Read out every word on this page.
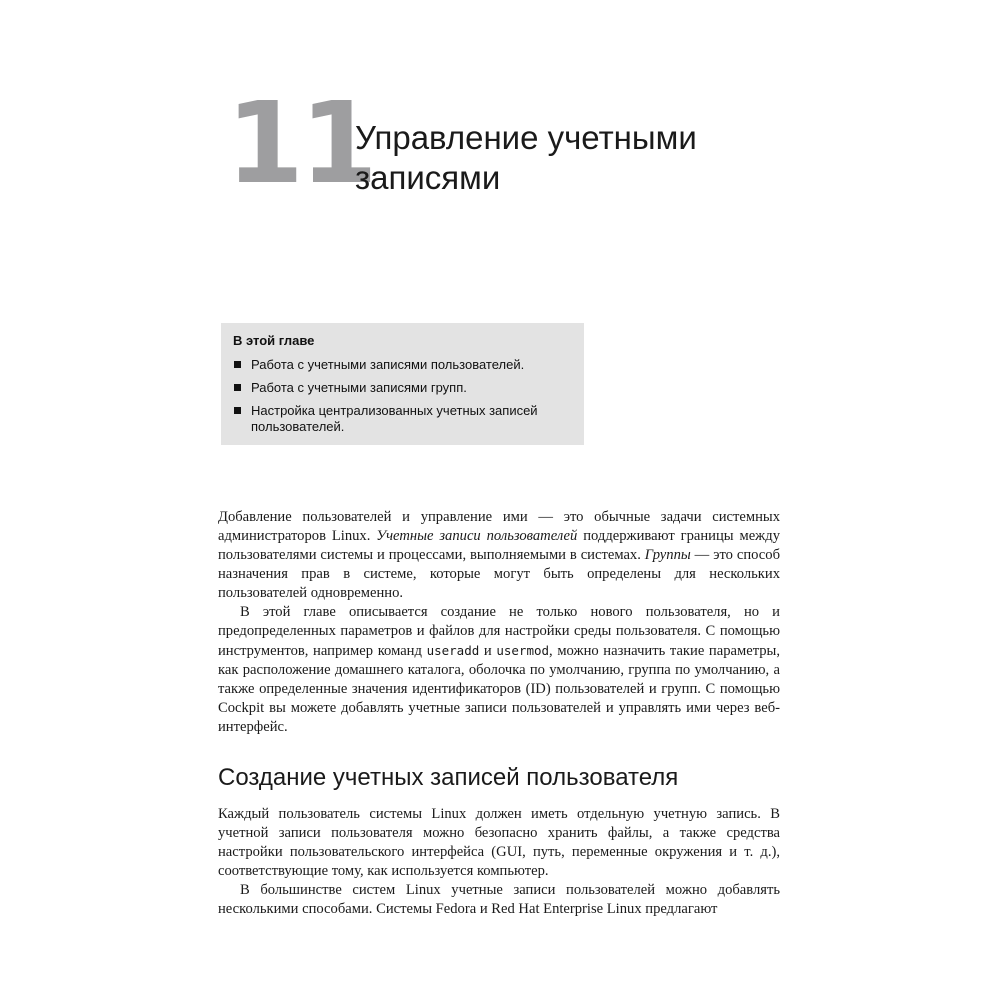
11
Управление учетными
записями
В этой главе
Работа с учетными записями пользователей.
Работа с учетными записями групп.
Настройка централизованных учетных записей пользователей.

Добавление пользователей и управление ими — это обычные задачи системных администраторов Linux. Учетные записи пользователей поддерживают границы между пользователями системы и процессами, выполняемыми в системах. Группы — это способ назначения прав в системе, которые могут быть определены для нескольких пользователей одновременно.

В этой главе описывается создание не только нового пользователя, но и предопределенных параметров и файлов для настройки среды пользователя. С помощью инструментов, например команд useradd и usermod, можно назначить такие параметры, как расположение домашнего каталога, оболочка по умолчанию, группа по умолчанию, а также определенные значения идентификаторов (ID) пользователей и групп. С помощью Cockpit вы можете добавлять учетные записи пользователей и управлять ими через веб-интерфейс.

Создание учетных записей пользователя

Каждый пользователь системы Linux должен иметь отдельную учетную запись. В учетной записи пользователя можно безопасно хранить файлы, а также средства настройки пользовательского интерфейса (GUI, путь, переменные окружения и т. д.), соответствующие тому, как используется компьютер.

В большинстве систем Linux учетные записи пользователей можно добавлять несколькими способами. Системы Fedora и Red Hat Enterprise Linux предлагают
